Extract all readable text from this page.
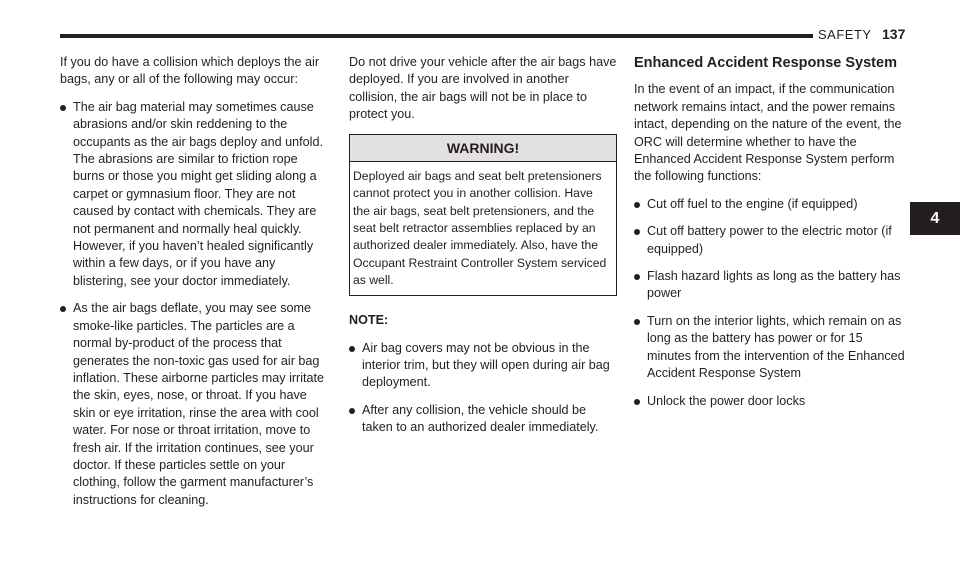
SAFETY 137
4

If you do have a collision which deploys the air bags, any or all of the following may occur:

The air bag material may sometimes cause abrasions and/or skin reddening to the occupants as the air bags deploy and unfold. The abrasions are similar to friction rope burns or those you might get sliding along a carpet or gymnasium floor. They are not caused by contact with chemicals. They are not permanent and normally heal quickly. However, if you haven’t healed significantly within a few days, or if you have any blistering, see your doctor immediately.
As the air bags deflate, you may see some smoke-like particles. The particles are a normal by-product of the process that generates the non-toxic gas used for air bag inflation. These airborne particles may irritate the skin, eyes, nose, or throat. If you have skin or eye irritation, rinse the area with cool water. For nose or throat irritation, move to fresh air. If the irritation continues, see your doctor. If these particles settle on your clothing, follow the garment manufacturer’s instructions for cleaning.

Do not drive your vehicle after the air bags have deployed. If you are involved in another collision, the air bags will not be in place to protect you.

WARNING!
Deployed air bags and seat belt pretensioners cannot protect you in another collision. Have the air bags, seat belt pretensioners, and the seat belt retractor assemblies replaced by an authorized dealer immediately. Also, have the Occupant Restraint Controller System serviced as well.

NOTE:

Air bag covers may not be obvious in the interior trim, but they will open during air bag deployment.
After any collision, the vehicle should be taken to an authorized dealer immediately.
Enhanced Accident Response System

In the event of an impact, if the communication network remains intact, and the power remains intact, depending on the nature of the event, the ORC will determine whether to have the Enhanced Accident Response System perform the following functions:

Cut off fuel to the engine (if equipped)
Cut off battery power to the electric motor (if equipped)
Flash hazard lights as long as the battery has power
Turn on the interior lights, which remain on as long as the battery has power or for 15 minutes from the intervention of the Enhanced Accident Response System
Unlock the power door locks
